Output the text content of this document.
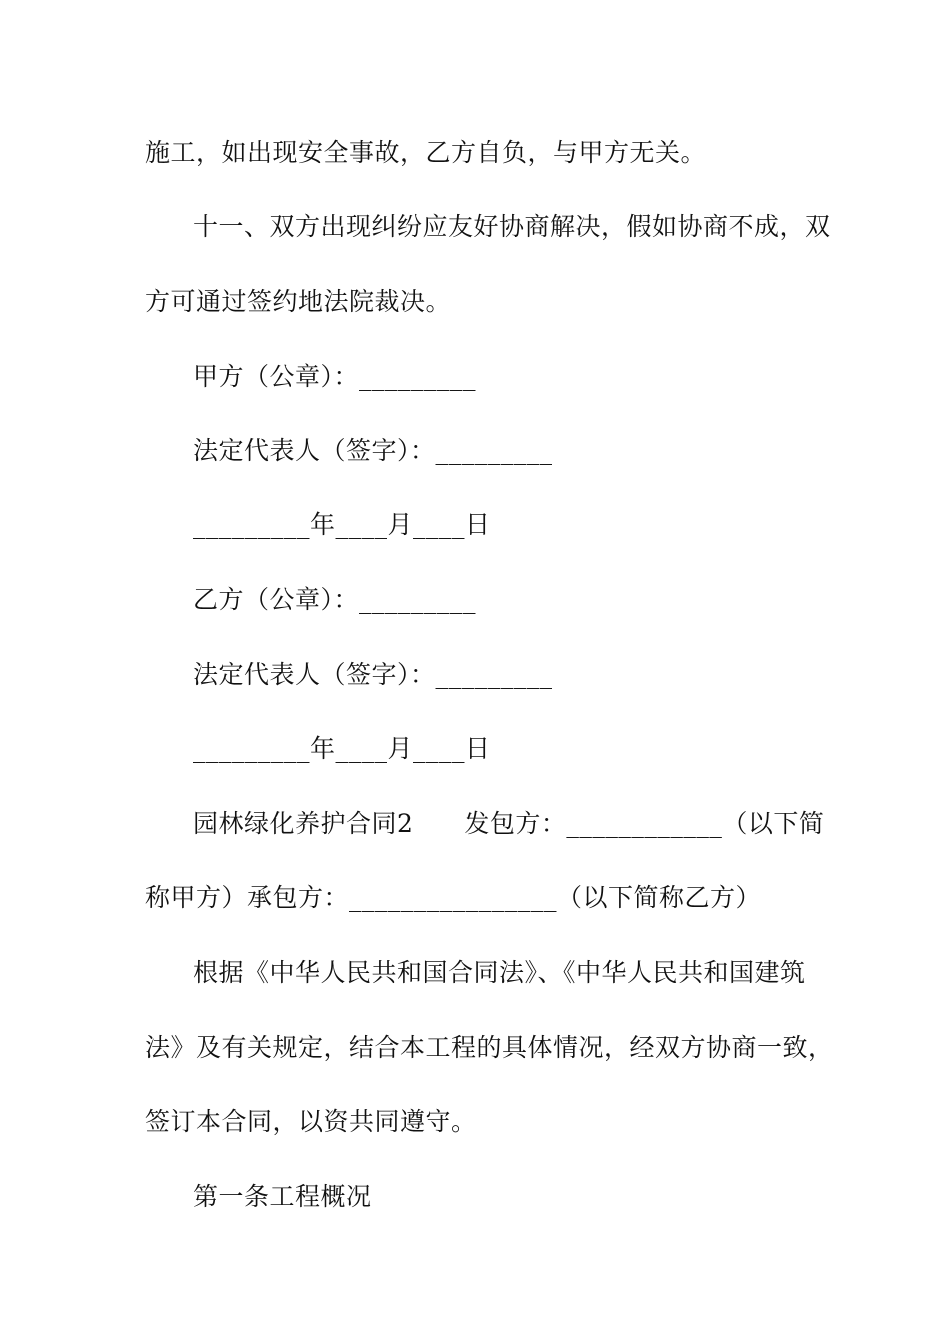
施工，如出现安全事故，乙方自负，与甲方无关。
十一、双方出现纠纷应友好协商解决，假如协商不成，双
方可通过签约地法院裁决。
甲方（公章）：_________
法定代表人（签字）：_________
_________年____月____日
乙方（公章）：_________
法定代表人（签字）：_________
_________年____月____日
园林绿化养护合同2　　发包方：____________（以下简
称甲方）承包方：________________（以下简称乙方）
根据《中华人民共和国合同法》、《中华人民共和国建筑
法》及有关规定，结合本工程的具体情况，经双方协商一致，
签订本合同，以资共同遵守。
第一条工程概况
